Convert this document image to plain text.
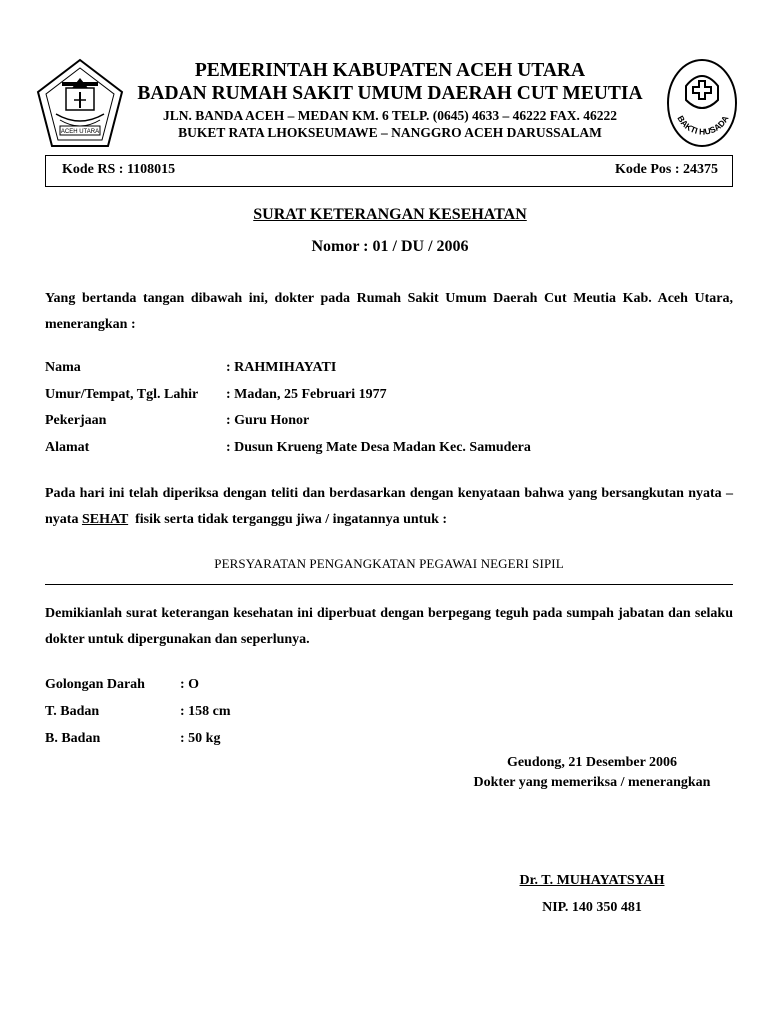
ACEH UTARA
BAKTI HUSADA
PEMERINTAH KABUPATEN ACEH UTARA
BADAN RUMAH SAKIT UMUM DAERAH CUT MEUTIA
JLN. BANDA ACEH – MEDAN KM. 6 TELP. (0645) 4633 – 46222 FAX. 46222
BUKET RATA LHOKSEUMAWE – NANGGRO ACEH DARUSSALAM
Kode RS : 1108015	Kode Pos : 24375
SURAT KETERANGAN KESEHATAN
Nomor : 01 / DU / 2006
Yang bertanda tangan dibawah ini, dokter pada Rumah Sakit Umum Daerah Cut Meutia Kab. Aceh Utara, menerangkan :
Nama	: RAHMIHAYATI
Umur/Tempat, Tgl. Lahir : Madan, 25 Februari 1977
Pekerjaan	: Guru Honor
Alamat	: Dusun Krueng Mate Desa Madan Kec. Samudera
Pada hari ini telah diperiksa dengan teliti dan berdasarkan dengan kenyataan bahwa yang bersangkutan nyata – nyata SEHAT  fisik serta tidak terganggu jiwa / ingatannya untuk :
PERSYARATAN PENGANGKATAN PEGAWAI NEGERI SIPIL
Demikianlah surat keterangan kesehatan ini diperbuat dengan berpegang teguh pada sumpah jabatan dan selaku dokter untuk dipergunakan dan seperlunya.
Golongan Darah	: O
T. Badan	: 158 cm
B. Badan	: 50 kg
Geudong, 21 Desember 2006
Dokter yang memeriksa / menerangkan
Dr. T. MUHAYATSYAH
NIP. 140 350 481
